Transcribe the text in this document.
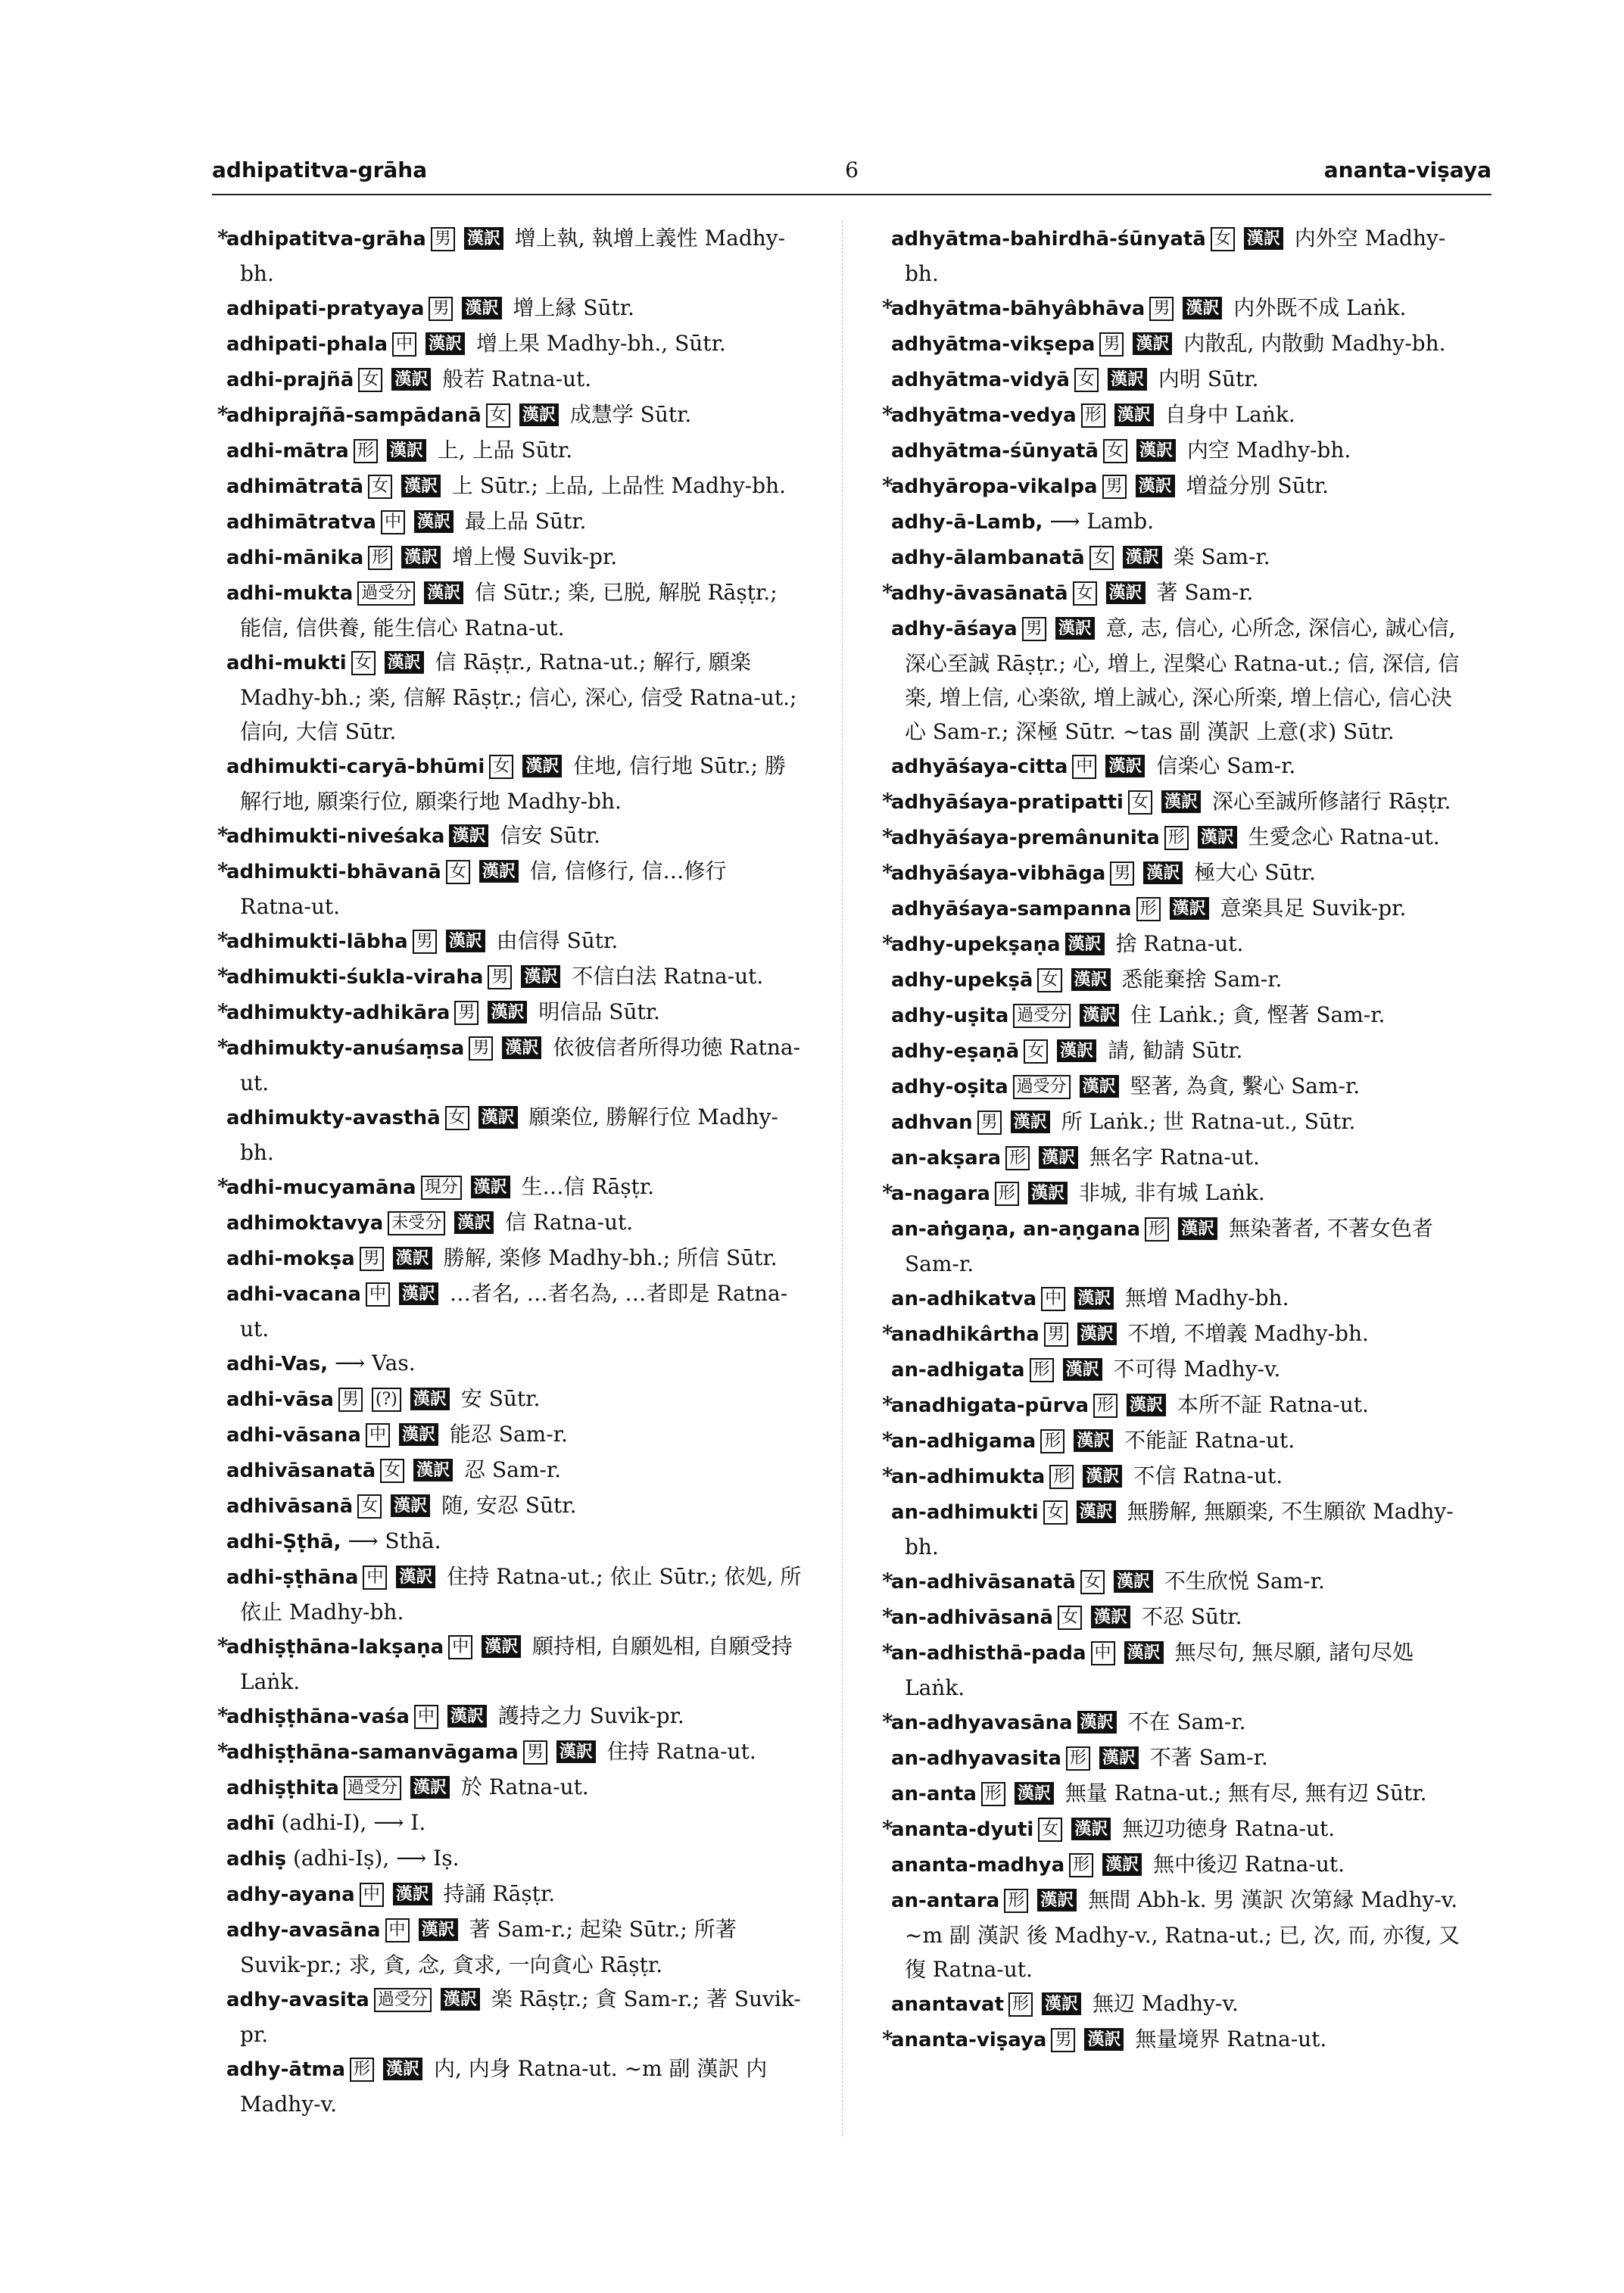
adhipatitva-grāha	6	ananta-viṣaya

*adhipatitva-grāha 男 漢訳 增上執, 執增上義性 Madhy-bh.

adhipati-pratyaya 男 漢訳 增上縁 Sūtr.

adhipati-phala 中 漢訳 增上果 Madhy-bh., Sūtr.

adhi-prajñā 女 漢訳 般若 Ratna-ut.

*adhiprajñā-sampādanā 女 漢訳 成慧学 Sūtr.

adhi-mātra 形 漢訳 上, 上品 Sūtr.

adhimātratā 女 漢訳 上 Sūtr.; 上品, 上品性 Madhy-bh.

adhimātratva 中 漢訳 最上品 Sūtr.

adhi-mānika 形 漢訳 增上慢 Suvik-pr.

adhi-mukta 過受分 漢訳 信 Sūtr.; 楽, 已脱, 解脱 Rāṣṭr.; 能信, 信供養, 能生信心 Ratna-ut.

adhi-mukti 女 漢訳 信 Rāṣṭr., Ratna-ut.; 解行, 願楽 Madhy-bh.; 楽, 信解 Rāṣṭr.; 信心, 深心, 信受 Ratna-ut.; 信向, 大信 Sūtr.

adhimukti-caryā-bhūmi 女 漢訳 住地, 信行地 Sūtr.; 勝解行地, 願楽行位, 願楽行地 Madhy-bh.

*adhimukti-niveśaka 漢訳 信安 Sūtr.

*adhimukti-bhāvanā 女 漢訳 信, 信修行, 信…修行 Ratna-ut.

*adhimukti-lābha 男 漢訳 由信得 Sūtr.

*adhimukti-śukla-viraha 男 漢訳 不信白法 Ratna-ut.

*adhimukty-adhikāra 男 漢訳 明信品 Sūtr.

*adhimukty-anuśaṃsa 男 漢訳 依彼信者所得功徳 Ratna-ut.

adhimukty-avasthā 女 漢訳 願楽位, 勝解行位 Madhy-bh.

*adhi-mucyamāna 現分 漢訳 生…信 Rāṣṭr.

adhimoktavya 未受分 漢訳 信 Ratna-ut.

adhi-mokṣa 男 漢訳 勝解, 楽修 Madhy-bh.; 所信 Sūtr.

adhi-vacana 中 漢訳 …者名, …者名為, …者即是 Ratna-ut.

adhi-Vas, ⟶ Vas.

adhi-vāsa 男 (?) 漢訳 安 Sūtr.

adhi-vāsana 中 漢訳 能忍 Sam-r.

adhivāsanatā 女 漢訳 忍 Sam-r.

adhivāsanā 女 漢訳 随, 安忍 Sūtr.

adhi-Ṣṭhā, ⟶ Sthā.

adhi-ṣṭhāna 中 漢訳 住持 Ratna-ut.; 依止 Sūtr.; 依処, 所依止 Madhy-bh.

*adhiṣṭhāna-lakṣaṇa 中 漢訳 願持相, 自願処相, 自願受持 Laṅk.

*adhiṣṭhāna-vaśa 中 漢訳 護持之力 Suvik-pr.

*adhiṣṭhāna-samanvāgama 男 漢訳 住持 Ratna-ut.

adhiṣṭhita 過受分 漢訳 於 Ratna-ut.

adhī (adhi-I), ⟶ I.

adhiṣ (adhi-Iṣ), ⟶ Iṣ.

adhy-ayana 中 漢訳 持誦 Rāṣṭr.

adhy-avasāna 中 漢訳 著 Sam-r.; 起染 Sūtr.; 所著 Suvik-pr.; 求, 貪, 念, 貪求, 一向貪心 Rāṣṭr.

adhy-avasita 過受分 漢訳 楽 Rāṣṭr.; 貪 Sam-r.; 著 Suvik-pr.

adhy-ātma 形 漢訳 内, 内身 Ratna-ut. ~m 副 漢訳 内 Madhy-v.

adhyātma-bahirdhā-śūnyatā 女 漢訳 内外空 Madhy-bh.

*adhyātma-bāhyâbhāva 男 漢訳 内外既不成 Laṅk.

adhyātma-vikṣepa 男 漢訳 内散乱, 内散動 Madhy-bh.

adhyātma-vidyā 女 漢訳 内明 Sūtr.

*adhyātma-vedya 形 漢訳 自身中 Laṅk.

adhyātma-śūnyatā 女 漢訳 内空 Madhy-bh.

*adhyāropa-vikalpa 男 漢訳 増益分別 Sūtr.

adhy-ā-Lamb, ⟶ Lamb.

adhy-ālambanatā 女 漢訳 楽 Sam-r.

*adhy-āvasānatā 女 漢訳 著 Sam-r.

adhy-āśaya 男 漢訳 意, 志, 信心, 心所念, 深信心, 誠心信, 深心至誠 Rāṣṭr.; 心, 増上, 涅槃心 Ratna-ut.; 信, 深信, 信楽, 増上信, 心楽欲, 増上誠心, 深心所楽, 増上信心, 信心決心 Sam-r.; 深極 Sūtr. ~tas 副 漢訳 上意(求) Sūtr.

adhyāśaya-citta 中 漢訳 信楽心 Sam-r.

*adhyāśaya-pratipatti 女 漢訳 深心至誠所修諸行 Rāṣṭr.

*adhyāśaya-premânunita 形 漢訳 生愛念心 Ratna-ut.

*adhyāśaya-vibhāga 男 漢訳 極大心 Sūtr.

adhyāśaya-sampanna 形 漢訳 意楽具足 Suvik-pr.

*adhy-upekṣaṇa 漢訳 捨 Ratna-ut.

adhy-upekṣā 女 漢訳 悉能棄捨 Sam-r.

adhy-uṣita 過受分 漢訳 住 Laṅk.; 貪, 慳著 Sam-r.

adhy-eṣaṇā 女 漢訳 請, 勧請 Sūtr.

adhy-oṣita 過受分 漢訳 堅著, 為貪, 繫心 Sam-r.

adhvan 男 漢訳 所 Laṅk.; 世 Ratna-ut., Sūtr.

an-akṣara 形 漢訳 無名字 Ratna-ut.

*a-nagara 形 漢訳 非城, 非有城 Laṅk.

an-aṅgaṇa, an-aṇgana 形 漢訳 無染著者, 不著女色者 Sam-r.

an-adhikatva 中 漢訳 無増 Madhy-bh.

*anadhikârtha 男 漢訳 不増, 不増義 Madhy-bh.

an-adhigata 形 漢訳 不可得 Madhy-v.

*anadhigata-pūrva 形 漢訳 本所不証 Ratna-ut.

*an-adhigama 形 漢訳 不能証 Ratna-ut.

*an-adhimukta 形 漢訳 不信 Ratna-ut.

an-adhimukti 女 漢訳 無勝解, 無願楽, 不生願欲 Madhy-bh.

*an-adhivāsanatā 女 漢訳 不生欣悦 Sam-r.

*an-adhivāsanā 女 漢訳 不忍 Sūtr.

*an-adhisthā-pada 中 漢訳 無尽句, 無尽願, 諸句尽処 Laṅk.

*an-adhyavasāna 漢訳 不在 Sam-r.

an-adhyavasita 形 漢訳 不著 Sam-r.

an-anta 形 漢訳 無量 Ratna-ut.; 無有尽, 無有辺 Sūtr.

*ananta-dyuti 女 漢訳 無辺功徳身 Ratna-ut.

ananta-madhya 形 漢訳 無中後辺 Ratna-ut.

an-antara 形 漢訳 無間 Abh-k. 男 漢訳 次第縁 Madhy-v. ~m 副 漢訳 後 Madhy-v., Ratna-ut.; 已, 次, 而, 亦復, 又復 Ratna-ut.

anantavat 形 漢訳 無辺 Madhy-v.

*ananta-viṣaya 男 漢訳 無量境界 Ratna-ut.
